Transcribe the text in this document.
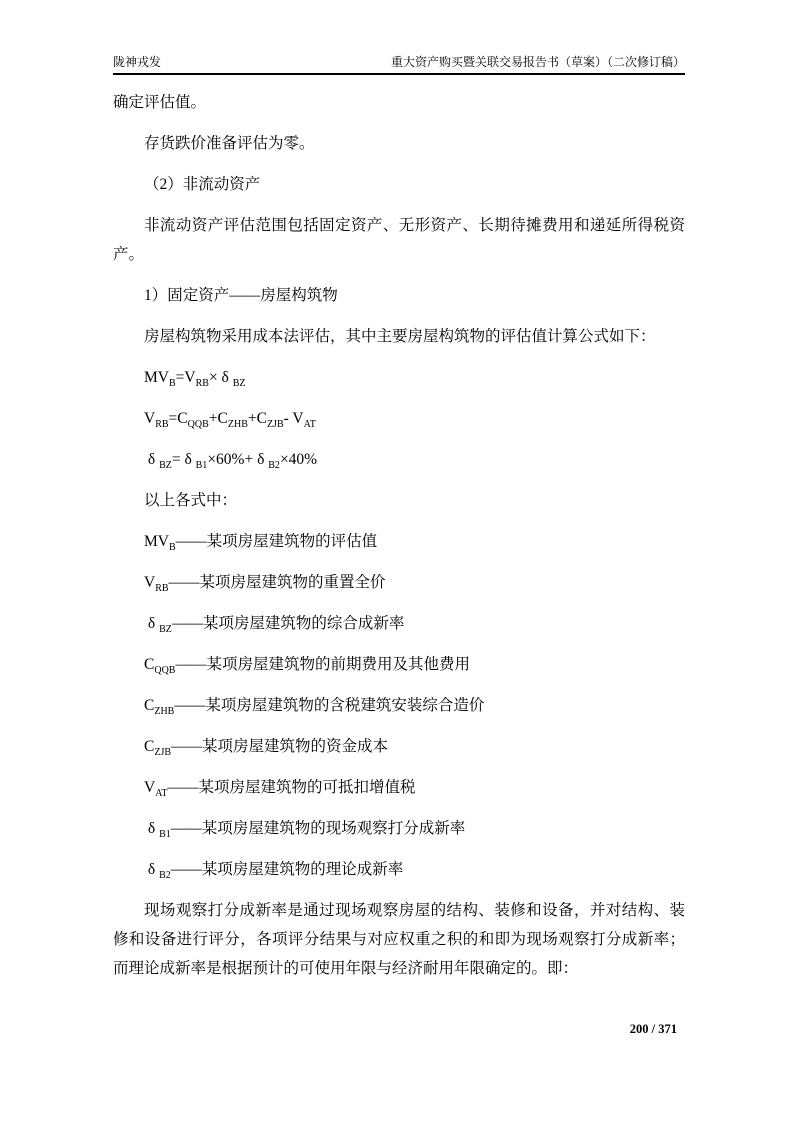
陇神戎发	重大资产购买暨关联交易报告书（草案）（二次修订稿）

确定评估值。

存货跌价准备评估为零。

（2）非流动资产

非流动资产评估范围包括固定资产、无形资产、长期待摊费用和递延所得税资产。

1）固定资产——房屋构筑物

房屋构筑物采用成本法评估，其中主要房屋构筑物的评估值计算公式如下：

$MV_B=V_{RB}\times \delta$ $_{BZ}$

$V_{RB}=C_{QQB}+C_{ZHB}+C_{ZJB}-$ $V_{AT}$

δ $_{BZ}$= δ $_{B1}$×60%+ δ $_{B2}$×40%

以上各式中：

$MV_B——$某项房屋建筑物的评估值

$V_{RB}——$某项房屋建筑物的重置全价

δ $_{BZ}$——某项房屋建筑物的综合成新率

$C_{QQB}——$某项房屋建筑物的前期费用及其他费用

$C_{ZHB}——$某项房屋建筑物的含税建筑安装综合造价

$C_{ZJB}——$某项房屋建筑物的资金成本

$V_{AT}——$某项房屋建筑物的可抵扣增值税

δ $_{B1}$——某项房屋建筑物的现场观察打分成新率

δ $_{B2}$——某项房屋建筑物的理论成新率

现场观察打分成新率是通过现场观察房屋的结构、装修和设备，并对结构、装修和设备进行评分，各项评分结果与对应权重之积的和即为现场观察打分成新率；而理论成新率是根据预计的可使用年限与经济耐用年限确定的。即：

200 / 371
